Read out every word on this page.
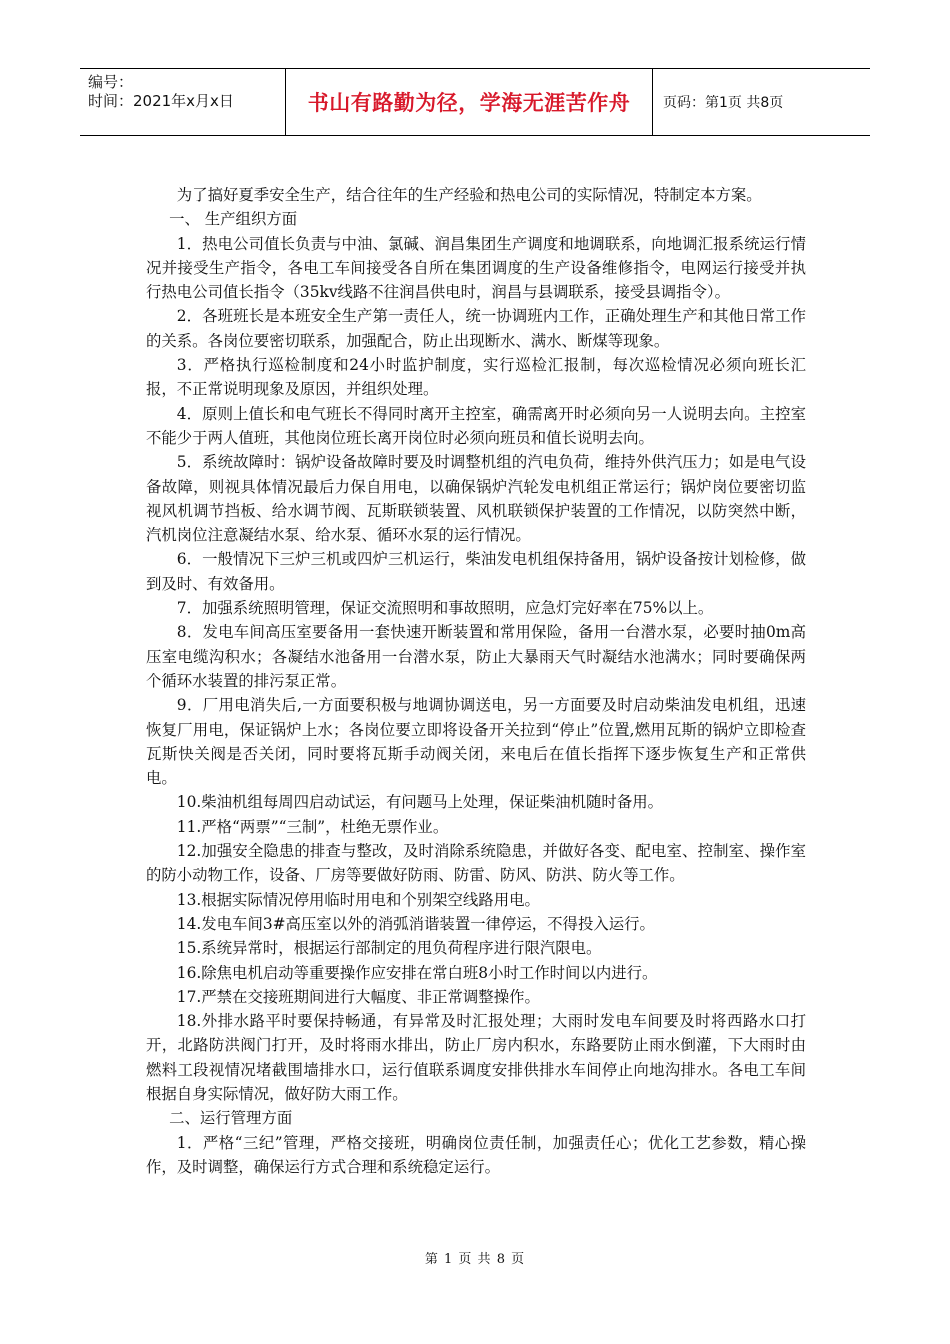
编号：
时间：2021年x月x日	书山有路勤为径，学海无涯苦作舟	页码：第1页 共8页

为了搞好夏季安全生产，结合往年的生产经验和热电公司的实际情况，特制定本方案。

一、 生产组织方面

1．热电公司值长负责与中油、氯碱、润昌集团生产调度和地调联系，向地调汇报系统运行情况并接受生产指令，各电工车间接受各自所在集团调度的生产设备维修指令，电网运行接受并执行热电公司值长指令（35kv线路不往润昌供电时，润昌与县调联系，接受县调指令）。

2．各班班长是本班安全生产第一责任人，统一协调班内工作，正确处理生产和其他日常工作的关系。各岗位要密切联系，加强配合，防止出现断水、满水、断煤等现象。

3．严格执行巡检制度和24小时监护制度，实行巡检汇报制，每次巡检情况必须向班长汇报，不正常说明现象及原因，并组织处理。

4．原则上值长和电气班长不得同时离开主控室，确需离开时必须向另一人说明去向。主控室不能少于两人值班，其他岗位班长离开岗位时必须向班员和值长说明去向。

5．系统故障时：锅炉设备故障时要及时调整机组的汽电负荷，维持外供汽压力；如是电气设备故障，则视具体情况最后力保自用电，以确保锅炉汽轮发电机组正常运行；锅炉岗位要密切监视风机调节挡板、给水调节阀、瓦斯联锁装置、风机联锁保护装置的工作情况，以防突然中断，汽机岗位注意凝结水泵、给水泵、循环水泵的运行情况。

6．一般情况下三炉三机或四炉三机运行，柴油发电机组保持备用，锅炉设备按计划检修，做到及时、有效备用。

7．加强系统照明管理，保证交流照明和事故照明，应急灯完好率在75%以上。

8．发电车间高压室要备用一套快速开断装置和常用保险，备用一台潜水泵，必要时抽0m高压室电缆沟积水；各凝结水池备用一台潜水泵，防止大暴雨天气时凝结水池满水；同时要确保两个循环水装置的排污泵正常。

9．厂用电消失后,一方面要积极与地调协调送电，另一方面要及时启动柴油发电机组，迅速恢复厂用电，保证锅炉上水；各岗位要立即将设备开关拉到“停止”位置,燃用瓦斯的锅炉立即检查瓦斯快关阀是否关闭，同时要将瓦斯手动阀关闭，来电后在值长指挥下逐步恢复生产和正常供电。

10.柴油机组每周四启动试运，有问题马上处理，保证柴油机随时备用。

11.严格“两票”“三制”，杜绝无票作业。

12.加强安全隐患的排查与整改，及时消除系统隐患，并做好各变、配电室、控制室、操作室的防小动物工作，设备、厂房等要做好防雨、防雷、防风、防洪、防火等工作。

13.根据实际情况停用临时用电和个别架空线路用电。

14.发电车间3#高压室以外的消弧消谐装置一律停运，不得投入运行。

15.系统异常时，根据运行部制定的甩负荷程序进行限汽限电。

16.除焦电机启动等重要操作应安排在常白班8小时工作时间以内进行。

17.严禁在交接班期间进行大幅度、非正常调整操作。

18.外排水路平时要保持畅通，有异常及时汇报处理；大雨时发电车间要及时将西路水口打开，北路防洪阀门打开，及时将雨水排出，防止厂房内积水，东路要防止雨水倒灌，下大雨时由燃料工段视情况堵截围墙排水口，运行值联系调度安排供排水车间停止向地沟排水。各电工车间根据自身实际情况，做好防大雨工作。

二、运行管理方面

1．严格“三纪”管理，严格交接班，明确岗位责任制，加强责任心；优化工艺参数，精心操作，及时调整，确保运行方式合理和系统稳定运行。

第 1 页 共 8 页
